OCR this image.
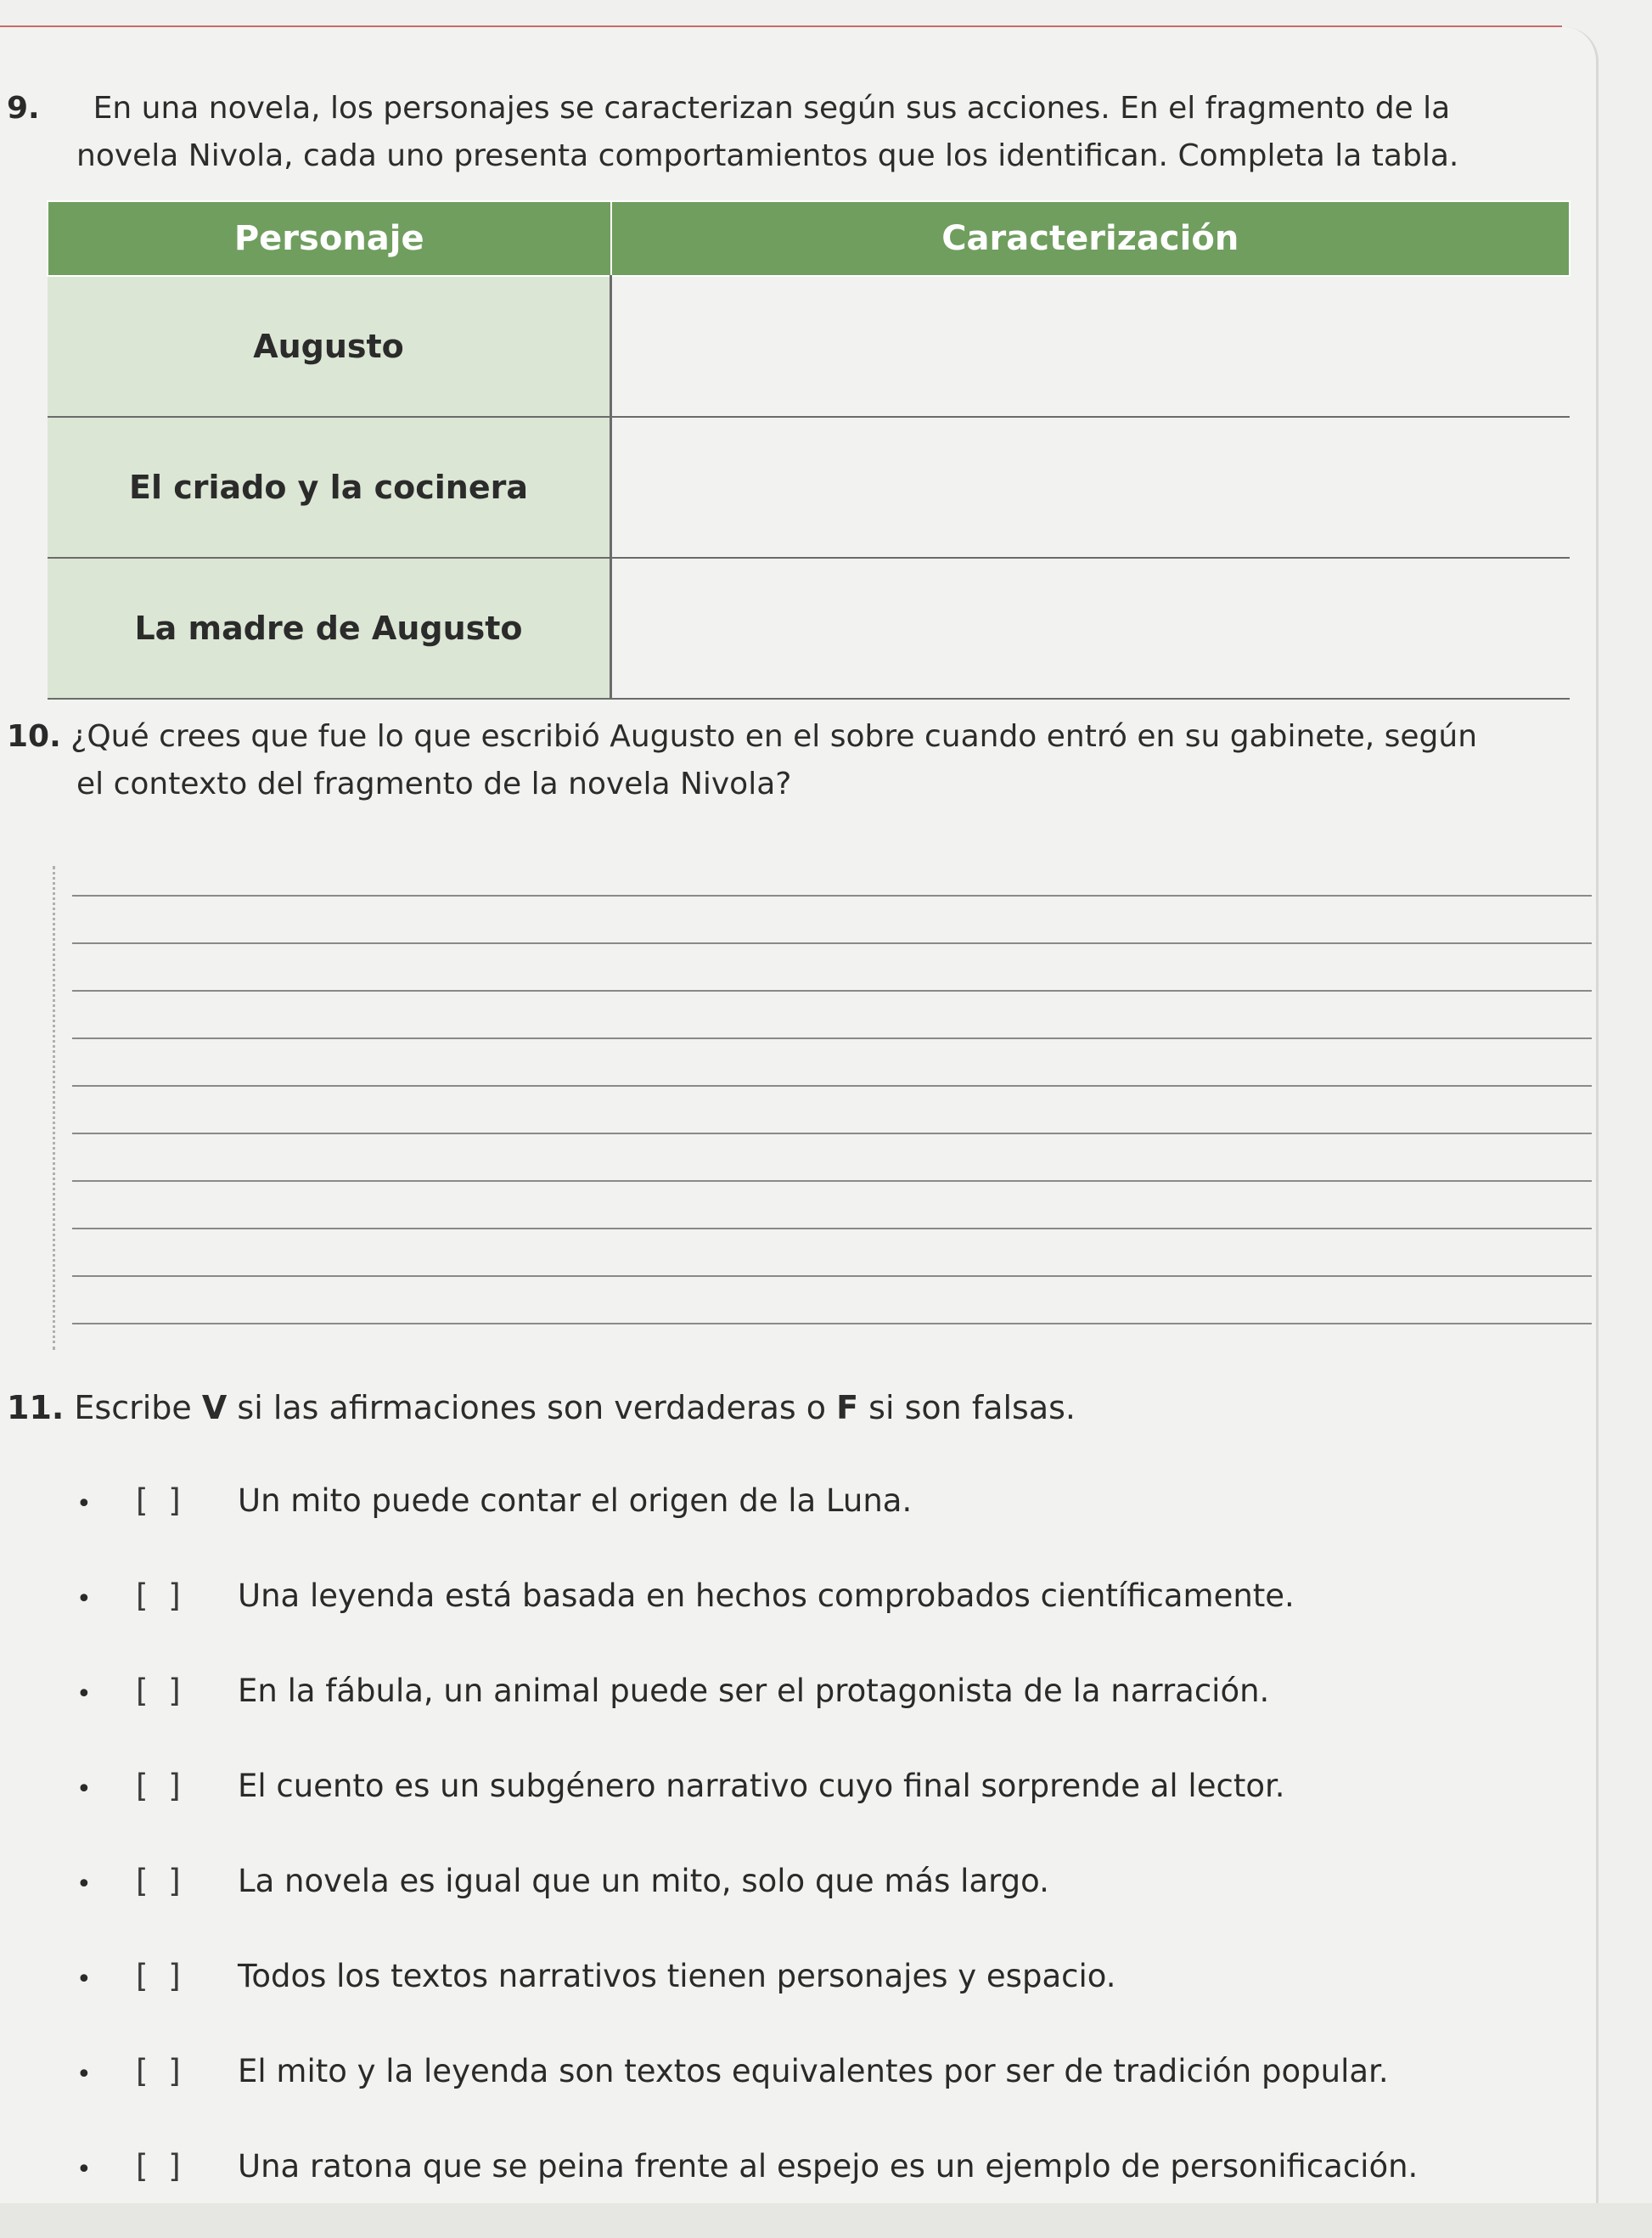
9. En una novela, los personajes se caracterizan según sus acciones. En el fragmento de la
novela Nivola, cada uno presenta comportamientos que los identifican. Completa la tabla.
Personaje	Caracterización
Augusto	
El criado y la cocinera	
La madre de Augusto	
10. ¿Qué crees que fue lo que escribió Augusto en el sobre cuando entró en su gabinete, según
el contexto del fragmento de la novela Nivola?
11. Escribe V si las afirmaciones son verdaderas o F si son falsas.
•	[ ]	Un mito puede contar el origen de la Luna.
•	[ ]	Una leyenda está basada en hechos comprobados científicamente.
•	[ ]	En la fábula, un animal puede ser el protagonista de la narración.
•	[ ]	El cuento es un subgénero narrativo cuyo final sorprende al lector.
•	[ ]	La novela es igual que un mito, solo que más largo.
•	[ ]	Todos los textos narrativos tienen personajes y espacio.
•	[ ]	El mito y la leyenda son textos equivalentes por ser de tradición popular.
•	[ ]	Una ratona que se peina frente al espejo es un ejemplo de personificación.
